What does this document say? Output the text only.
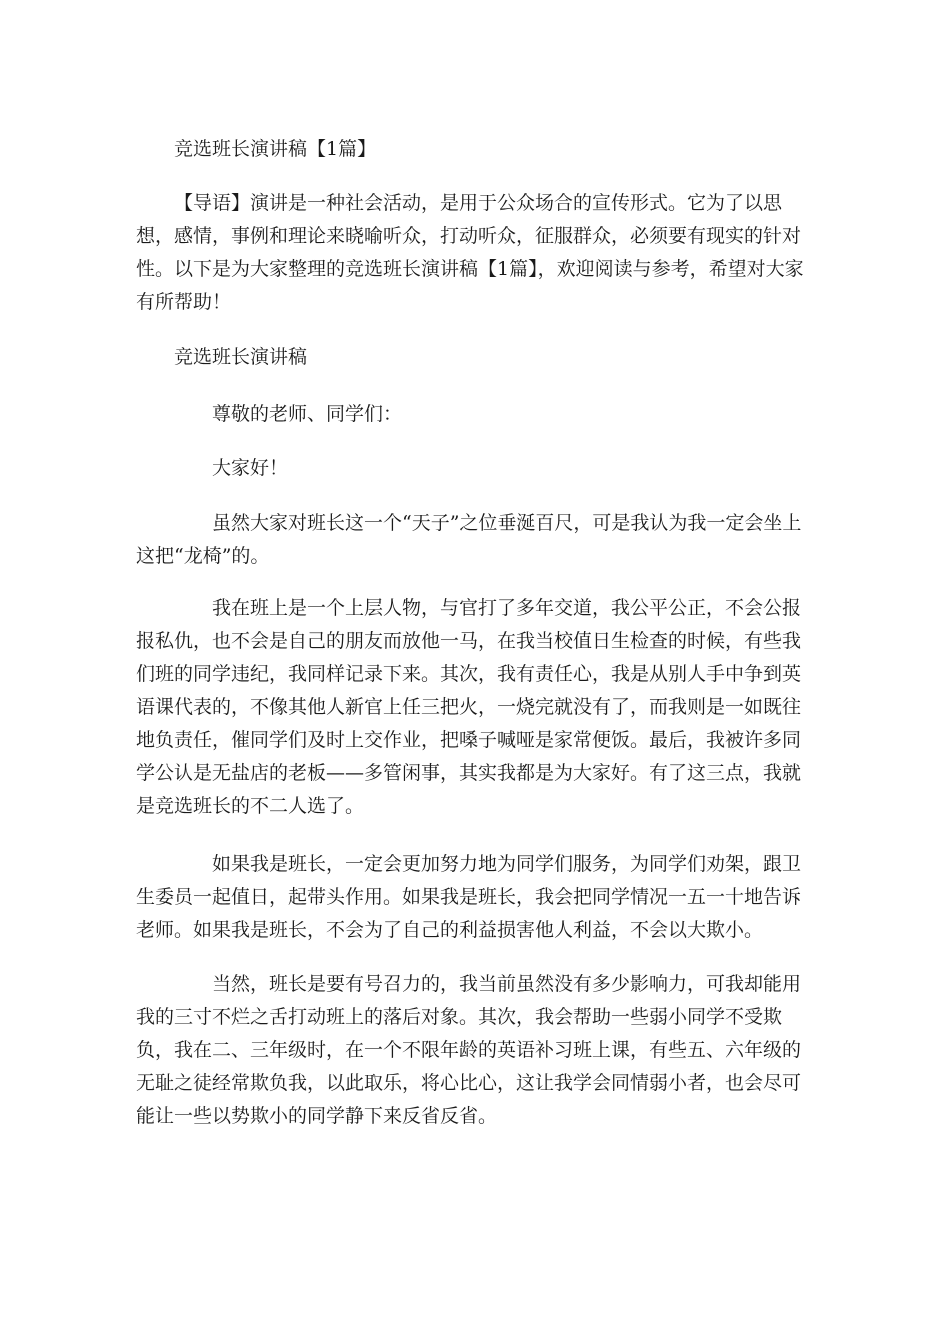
竞选班长演讲稿【1篇】

【导语】演讲是一种社会活动，是用于公众场合的宣传形式。它为了以思想，感情，事例和理论来晓喻听众，打动听众，征服群众，必须要有现实的针对性。以下是为大家整理的竞选班长演讲稿【1篇】，欢迎阅读与参考，希望对大家有所帮助！

竞选班长演讲稿

尊敬的老师、同学们：

大家好！

虽然大家对班长这一个“天子”之位垂涎百尺，可是我认为我一定会坐上这把“龙椅”的。

我在班上是一个上层人物，与官打了多年交道，我公平公正，不会公报报私仇，也不会是自己的朋友而放他一马，在我当校值日生检查的时候，有些我们班的同学违纪，我同样记录下来。其次，我有责任心，我是从别人手中争到英语课代表的，不像其他人新官上任三把火，一烧完就没有了，而我则是一如既往地负责任，催同学们及时上交作业，把嗓子喊哑是家常便饭。最后，我被许多同学公认是无盐店的老板——多管闲事，其实我都是为大家好。有了这三点，我就是竞选班长的不二人选了。

如果我是班长，一定会更加努力地为同学们服务，为同学们劝架，跟卫生委员一起值日，起带头作用。如果我是班长，我会把同学情况一五一十地告诉老师。如果我是班长，不会为了自己的利益损害他人利益，不会以大欺小。

当然，班长是要有号召力的，我当前虽然没有多少影响力，可我却能用我的三寸不烂之舌打动班上的落后对象。其次，我会帮助一些弱小同学不受欺负，我在二、三年级时，在一个不限年龄的英语补习班上课，有些五、六年级的无耻之徒经常欺负我，以此取乐，将心比心，这让我学会同情弱小者，也会尽可能让一些以势欺小的同学静下来反省反省。
